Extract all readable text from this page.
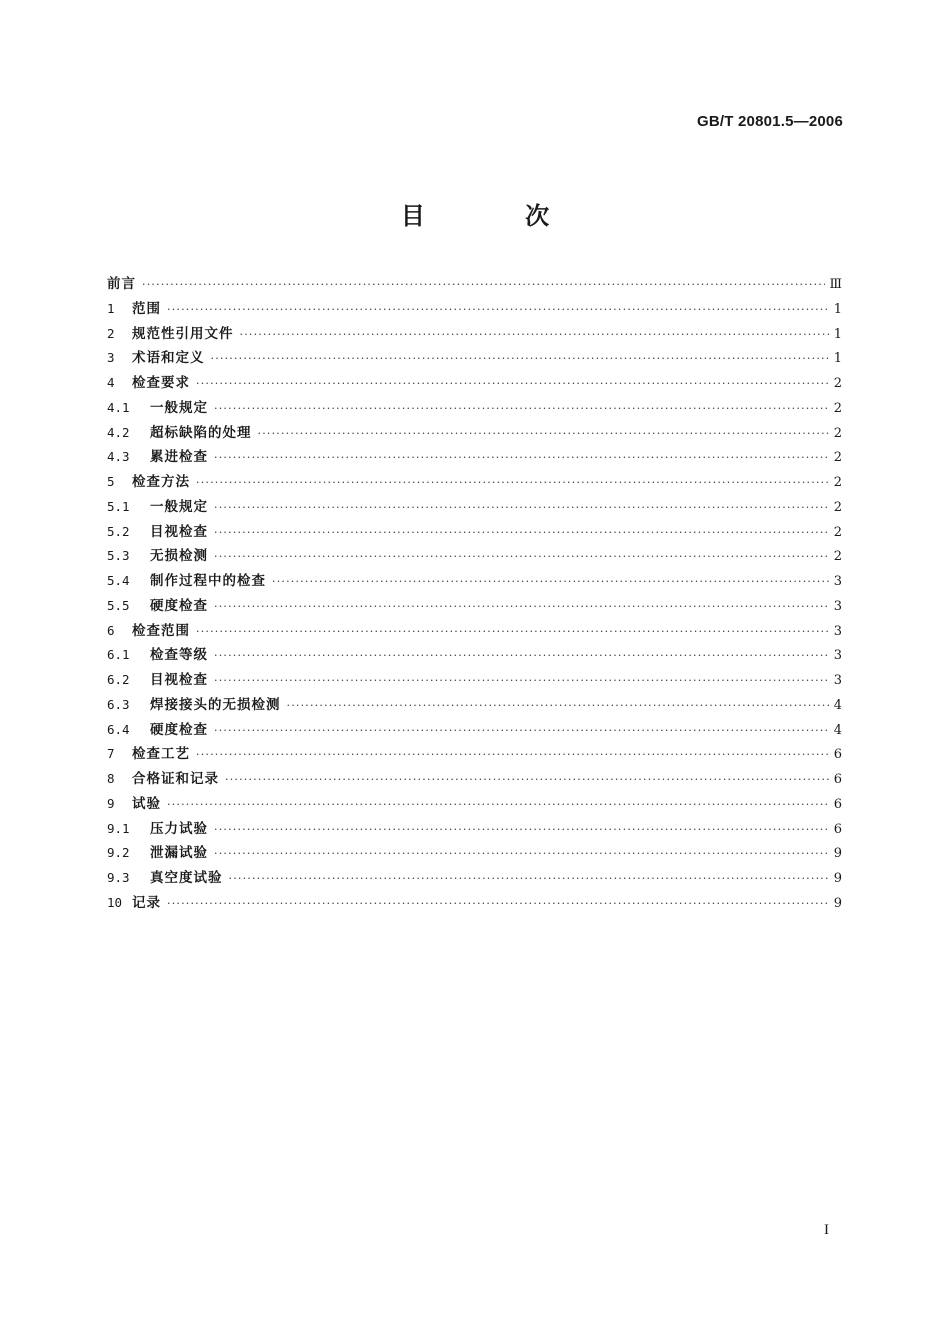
GB/T 20801.5—2006
目 次
前言 ·····	Ⅲ
1	范围 ·····	1
2	规范性引用文件 ·····	1
3	术语和定义 ·····	1
4	检查要求 ·····	2
4.1	一般规定 ·····	2
4.2	超标缺陷的处理 ·····	2
4.3	累进检查 ·····	2
5	检查方法 ·····	2
5.1	一般规定 ·····	2
5.2	目视检查 ·····	2
5.3	无损检测 ·····	2
5.4	制作过程中的检查 ·····	3
5.5	硬度检查 ·····	3
6	检查范围 ·····	3
6.1	检查等级 ·····	3
6.2	目视检查 ·····	3
6.3	焊接接头的无损检测 ·····	4
6.4	硬度检查 ·····	4
7	检查工艺 ·····	6
8	合格证和记录 ·····	6
9	试验 ·····	6
9.1	压力试验 ·····	6
9.2	泄漏试验 ·····	9
9.3	真空度试验 ·····	9
10 记录 ·····	9
I
